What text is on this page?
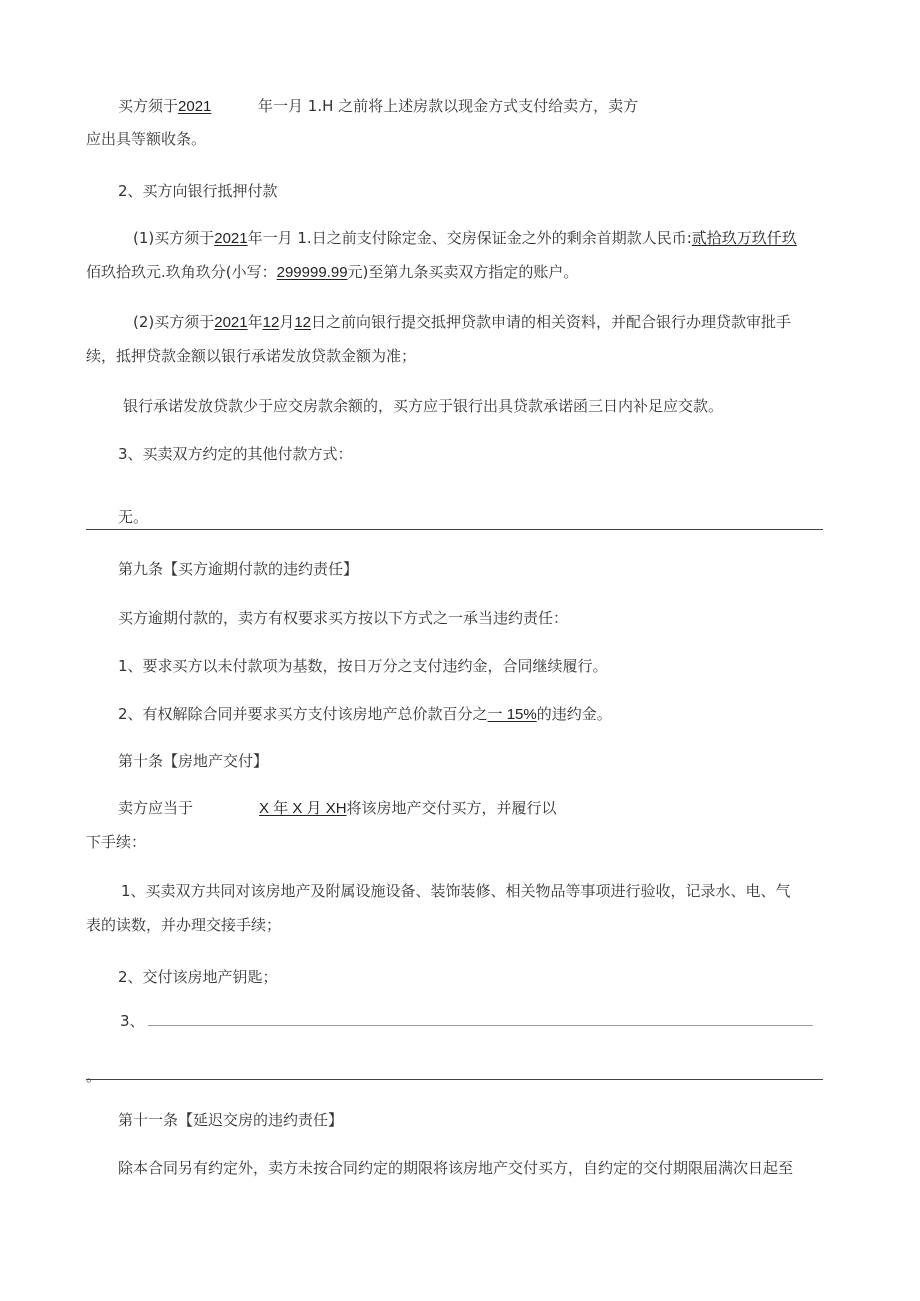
买方须于2021	年一月 1.H 之前将上述房款以现金方式支付给卖方，卖方
应出具等额收条。
2、买方向银行抵押付款
(1)买方须于2021年一月 1.日之前支付除定金、交房保证金之外的剩余首期款人民币:贰拾玖万玖仟玖
佰玖拾玖元.玖角玖分(小写：299999.99元)至第九条买卖双方指定的账户。
(2)买方须于2021年12月12日之前向银行提交抵押贷款申请的相关资料，并配合银行办理贷款审批手
续，抵押贷款金额以银行承诺发放贷款金额为准；
银行承诺发放贷款少于应交房款余额的，买方应于银行出具贷款承诺函三日内补足应交款。
3、买卖双方约定的其他付款方式：
无。
第九条【买方逾期付款的违约责任】
买方逾期付款的，卖方有权要求买方按以下方式之一承当违约责任：
1、要求买方以未付款项为基数，按日万分之支付违约金，合同继续履行。
2、有权解除合同并要求买方支付该房地产总价款百分之一 15%的违约金。
第十条【房地产交付】
卖方应当于	X 年 X 月 XH将该房地产交付买方，并履行以
下手续：
1、买卖双方共同对该房地产及附属设施设备、装饰装修、相关物品等事项进行验收，记录水、电、气
表的读数，并办理交接手续；
2、交付该房地产钥匙；
3、
。
第十一条【延迟交房的违约责任】
除本合同另有约定外，卖方未按合同约定的期限将该房地产交付买方，自约定的交付期限届满次日起至
